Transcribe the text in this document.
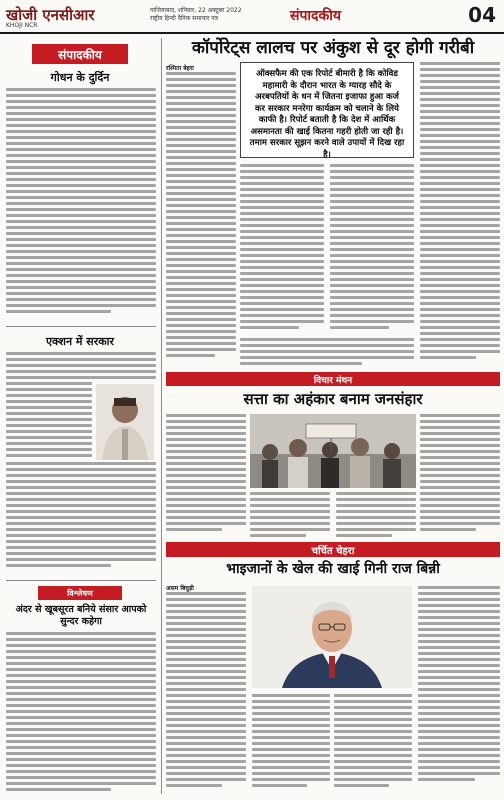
खोजी एनसीआर
KHOJI NCR
गाजियाबाद, शनिवार, 22 अक्टूबर 2022
राष्ट्रीय हिन्दी दैनिक समाचार पत्र	संपादकीय	04
संपादकीय
गोधन के दुर्दिन
एक्शन में सरकार
विश्लेषण
अंदर से खूबसूरत बनिये संसार आपको सुन्दर कहेगा
कॉर्पोरेट्स लालच पर अंकुश से दूर होगी गरीबी
रश्मिता बेहरा
ऑक्सफैम की एक रिपोर्ट बीमारी है कि कोविड महामारी के दौरान भारत के ग्यारह सौदे के अरबपतियों के धन में जितना इजाफा हुआ कर्ज कर सरकार मनरेगा कार्यक्रम को चलाने के लिये काफी है। रिपोर्ट बताती है कि देश में आर्थिक असमानता की खाई कितना गहरी होती जा रही है। तमाम सरकार सूझन करने वाले उपायों में दिख रहा है।
विचार मंथन
सत्ता का अहंकार बनाम जनसंहार
चर्चित चेहरा
भाइजानों के खेल की खाई गिनी राज बिन्नी
असम बिधुड़ी
